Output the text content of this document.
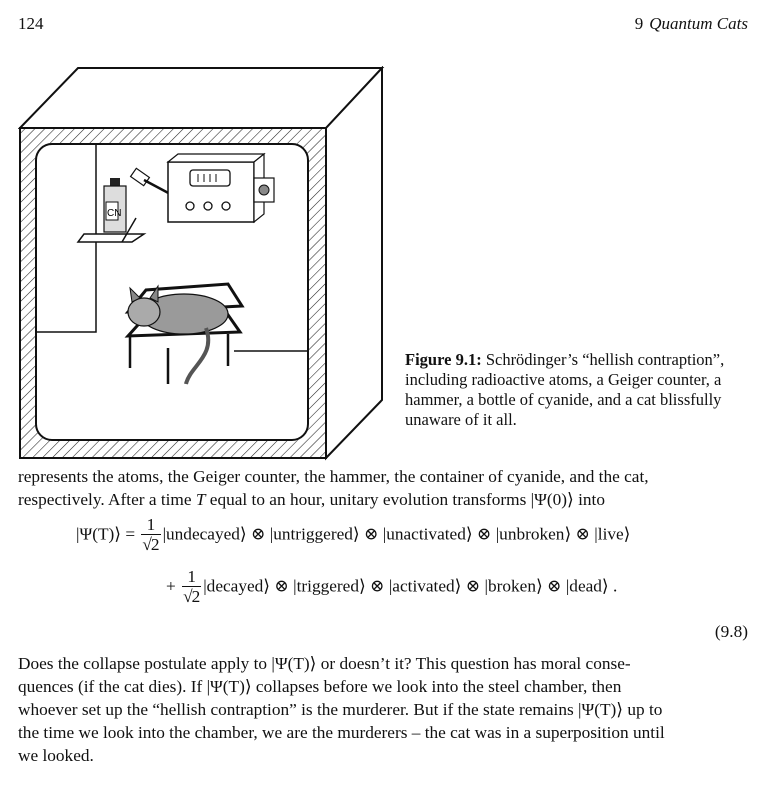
124	9 Quantum Cats
CN
Figure 9.1: Schrödinger’s “hellish contraption”, including radioactive atoms, a Geiger counter, a hammer, a bottle of cyanide, and a cat blissfully unaware of it all.
represents the atoms, the Geiger counter, the hammer, the container of cyanide, and the cat,
respectively. After a time T equal to an hour, unitary evolution transforms |Ψ(0)⟩ into
|Ψ(T)⟩ = $\frac{1}{√2}$ |undecayed⟩ ⊗ |untriggered⟩ ⊗ |unactivated⟩ ⊗ |unbroken⟩ ⊗ |live⟩
+ $\frac{1}{√2}$ |decayed⟩ ⊗ |triggered⟩ ⊗ |activated⟩ ⊗ |broken⟩ ⊗ |dead⟩ .
(9.8)
Does the collapse postulate apply to |Ψ(T)⟩ or doesn’t it? This question has moral conse-
quences (if the cat dies). If |Ψ(T)⟩ collapses before we look into the steel chamber, then
whoever set up the “hellish contraption” is the murderer. But if the state remains |Ψ(T)⟩ up to
the time we look into the chamber, we are the murderers – the cat was in a superposition until
we looked.
